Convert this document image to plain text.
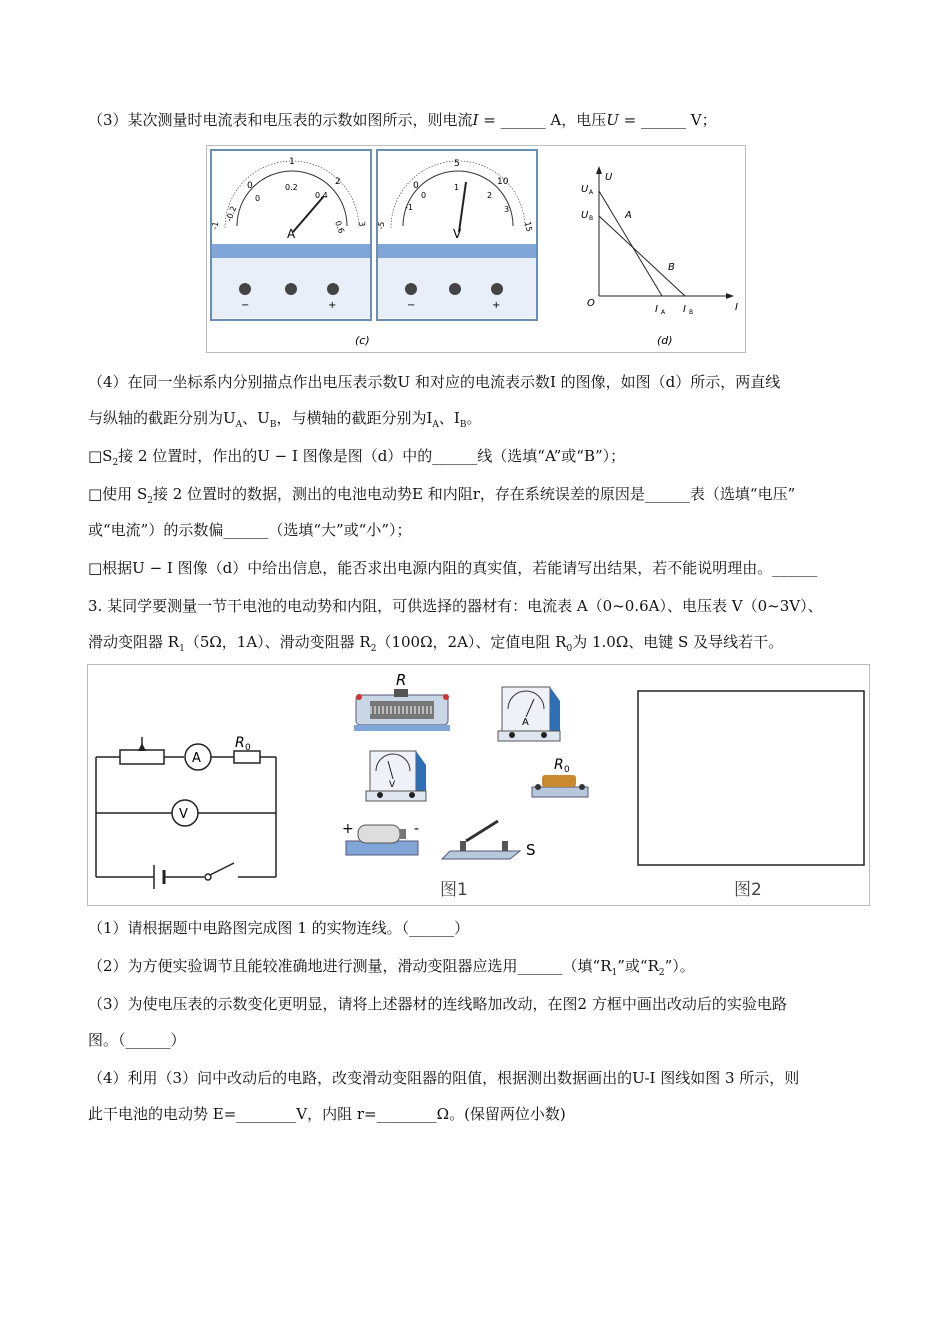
（3）某次测量时电流表和电压表的示数如图所示，则电流I = ______ A，电压U = ______ V；
0
1
2
-0.2
0
0.2
0.4
0.6
-1	3
A
−	+
0
5
10
-1
0
1
2
3
-5	15
V
−	+
(c)
U
I
O
U A
U B	A
B
I A I B
(d)
（4）在同一坐标系内分别描点作出电压表示数U 和对应的电流表示数I 的图像，如图（d）所示，两直线
与纵轴的截距分别为$U_A$、$U_B$，与横轴的截距分别为$I_A$、$I_B$。
$□S_2$接 2 位置时，作出的U − I 图像是图（d）中的______线（选填“A”或“B”）；
□使用 $S_2$接 2 位置时的数据，测出的电池电动势E 和内阻r，存在系统误差的原因是______表（选填“电压”
或“电流”）的示数偏______（选填“大”或“小”）；
□根据U − I 图像（d）中给出信息，能否求出电源内阻的真实值，若能请写出结果，若不能说明理由。______
3. 某同学要测量一节干电池的电动势和内阻，可供选择的器材有：电流表 A（0~0.6A）、电压表 V（0~3V）、
滑动变阻器 $R_1(5\Omega$，1A）、滑动变阻器 $R_2(100\Omega$，2A）、定值电阻 $R_0$为 1.0Ω、电键 S 及导线若干。
A
V
R 0
R
A
V
R 0
+	-
S
图1	图2
（1）请根据题中电路图完成图 1 的实物连线。（______）
（2）为方便实验调节且能较准确地进行测量，滑动变阻器应选用______（填“$R_1$”或“$R_2$”）。
（3）为使电压表的示数变化更明显，请将上述器材的连线略加改动，在图2 方框中画出改动后的实验电路
图。（______）
（4）利用（3）问中改动后的电路，改变滑动变阻器的阻值，根据测出数据画出的U-I 图线如图 3 所示，则
此干电池的电动势 E=________V，内阻 r=________Ω。(保留两位小数)
